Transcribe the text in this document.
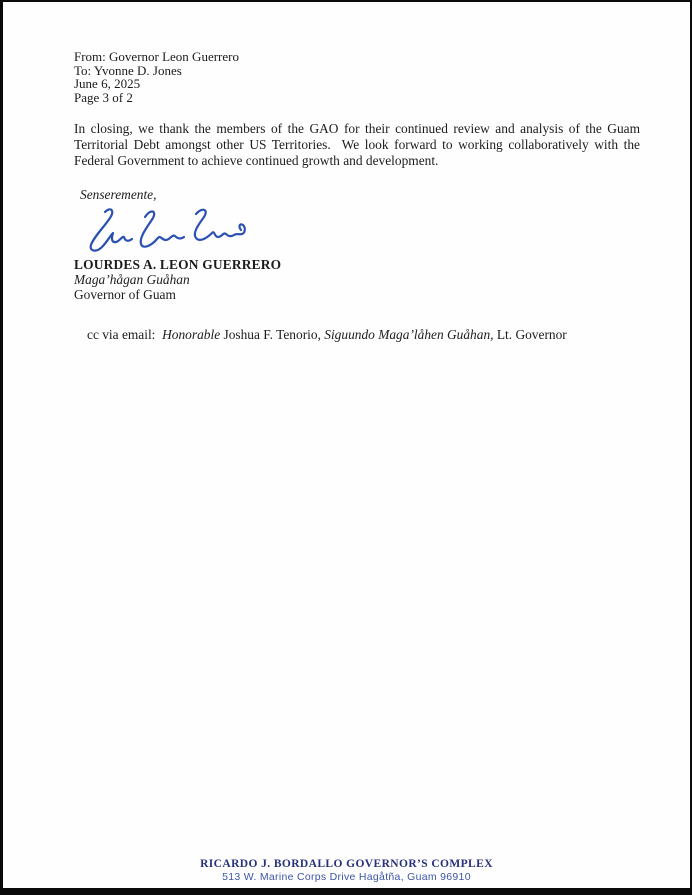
From: Governor Leon Guerrero
To: Yvonne D. Jones
June 6, 2025
Page 3 of 2

In closing, we thank the members of the GAO for their continued review and analysis of the Guam Territorial Debt amongst other US Territories.  We look forward to working collaboratively with the Federal Government to achieve continued growth and development.

Senseremente,
LOURDES A. LEON GUERRERO
Maga’hågan Guåhan
Governor of Guam

cc via email:  Honorable Joshua F. Tenorio, Siguundo Maga’låhen Guåhan, Lt. Governor

RICARDO J. BORDALLO GOVERNOR’S COMPLEX
513 W. Marine Corps Drive Hagåtña, Guam 96910
